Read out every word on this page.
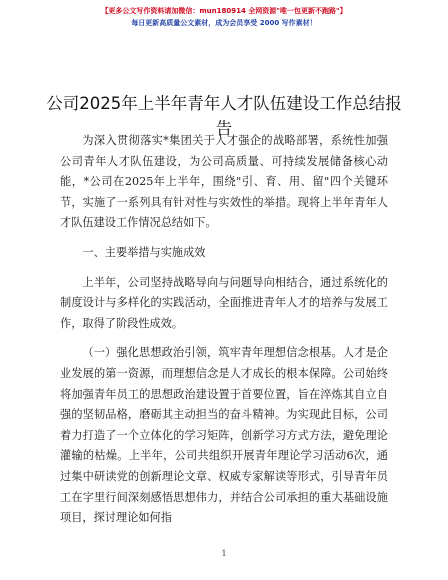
【更多公文写作资料请加微信：mun180914 全网资源"唯一包更新不跑路"】
每日更新高质量公文素材，成为会员享受 2000 写作素材！
公司2025年上半年青年人才队伍建设工作总结报告

为深入贯彻落实*集团关于人才强企的战略部署，系统性加强公司青年人才队伍建设，为公司高质量、可持续发展储备核心动能，*公司在2025年上半年，围绕"引、育、用、留"四个关键环节，实施了一系列具有针对性与实效性的举措。现将上半年青年人才队伍建设工作情况总结如下。

一、主要举措与实施成效

上半年，公司坚持战略导向与问题导向相结合，通过系统化的制度设计与多样化的实践活动，全面推进青年人才的培养与发展工作，取得了阶段性成效。

（一）强化思想政治引领，筑牢青年理想信念根基。人才是企业发展的第一资源，而理想信念是人才成长的根本保障。公司始终将加强青年员工的思想政治建设置于首要位置，旨在淬炼其自立自强的坚韧品格，磨砺其主动担当的奋斗精神。为实现此目标，公司着力打造了一个立体化的学习矩阵，创新学习方式方法，避免理论灌输的枯燥。上半年，公司共组织开展青年理论学习活动6次，通过集中研读党的创新理论文章、权威专家解读等形式，引导青年员工在字里行间深刻感悟思想伟力，并结合公司承担的重大基础设施项目，探讨理论如何指

1
